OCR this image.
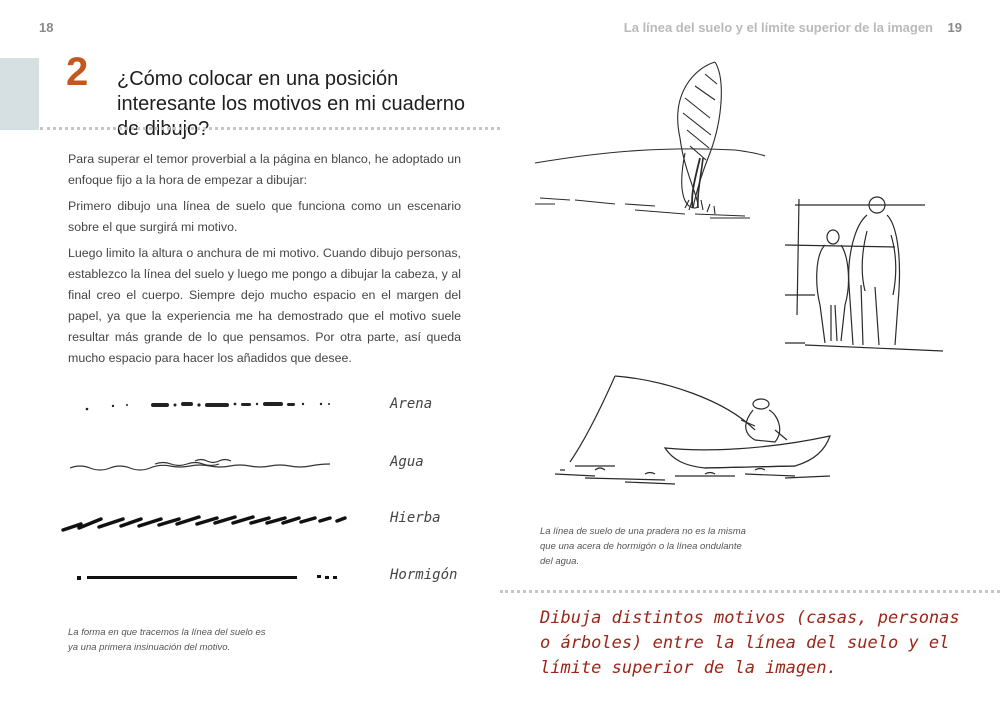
18	La línea del suelo y el límite superior de la imagen 19
2 ¿Cómo colocar en una posición interesante los motivos en mi cuaderno de dibujo?

Para superar el temor proverbial a la página en blanco, he adoptado un enfoque fijo a la hora de empezar a dibujar:

Primero dibujo una línea de suelo que funciona como un escenario sobre el que surgirá mi motivo.

Luego limito la altura o anchura de mi motivo. Cuando dibujo personas, establezco la línea del suelo y luego me pongo a dibujar la cabeza, y al final creo el cuerpo. Siempre dejo mucho espacio en el margen del papel, ya que la experiencia me ha demostrado que el motivo suele resultar más grande de lo que pensamos. Por otra parte, así queda mucho espacio para hacer los añadidos que desee.

Arena
Agua
Hierba
Hormigón
La forma en que tracemos la línea del suelo es ya una primera insinuación del motivo.
La línea de suelo de una pradera no es la misma que una acera de hormigón o la línea ondulante del agua.
Dibuja distintos motivos (casas, personas o árboles) entre la línea del suelo y el límite superior de la imagen.
